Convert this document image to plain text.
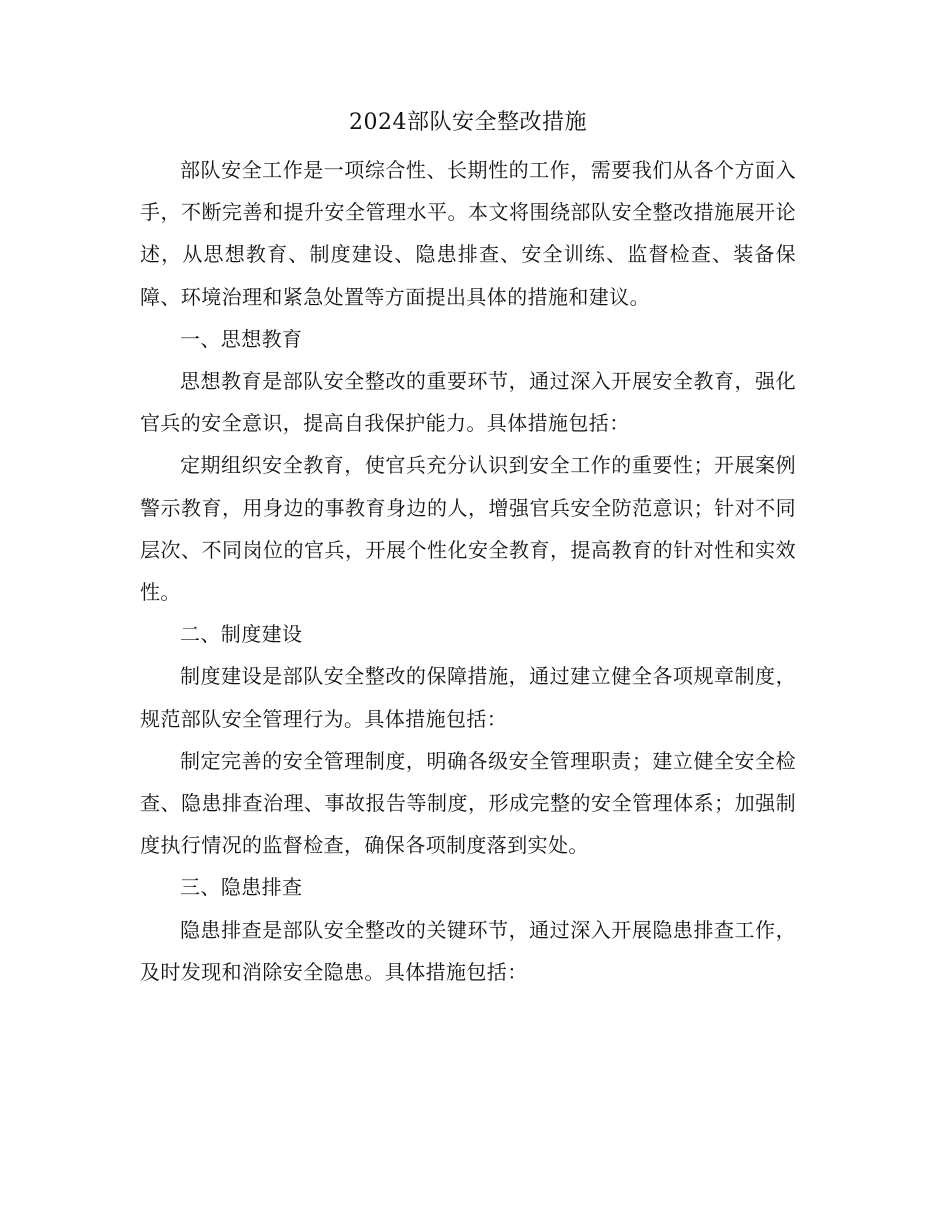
2024部队安全整改措施

部队安全工作是一项综合性、长期性的工作，需要我们从各个方面入手，不断完善和提升安全管理水平。本文将围绕部队安全整改措施展开论述，从思想教育、制度建设、隐患排查、安全训练、监督检查、装备保障、环境治理和紧急处置等方面提出具体的措施和建议。

一、思想教育

思想教育是部队安全整改的重要环节，通过深入开展安全教育，强化官兵的安全意识，提高自我保护能力。具体措施包括：

定期组织安全教育，使官兵充分认识到安全工作的重要性；开展案例警示教育，用身边的事教育身边的人，增强官兵安全防范意识；针对不同层次、不同岗位的官兵，开展个性化安全教育，提高教育的针对性和实效性。

二、制度建设

制度建设是部队安全整改的保障措施，通过建立健全各项规章制度，规范部队安全管理行为。具体措施包括：

制定完善的安全管理制度，明确各级安全管理职责；建立健全安全检查、隐患排查治理、事故报告等制度，形成完整的安全管理体系；加强制度执行情况的监督检查，确保各项制度落到实处。

三、隐患排查

隐患排查是部队安全整改的关键环节，通过深入开展隐患排查工作，及时发现和消除安全隐患。具体措施包括：
